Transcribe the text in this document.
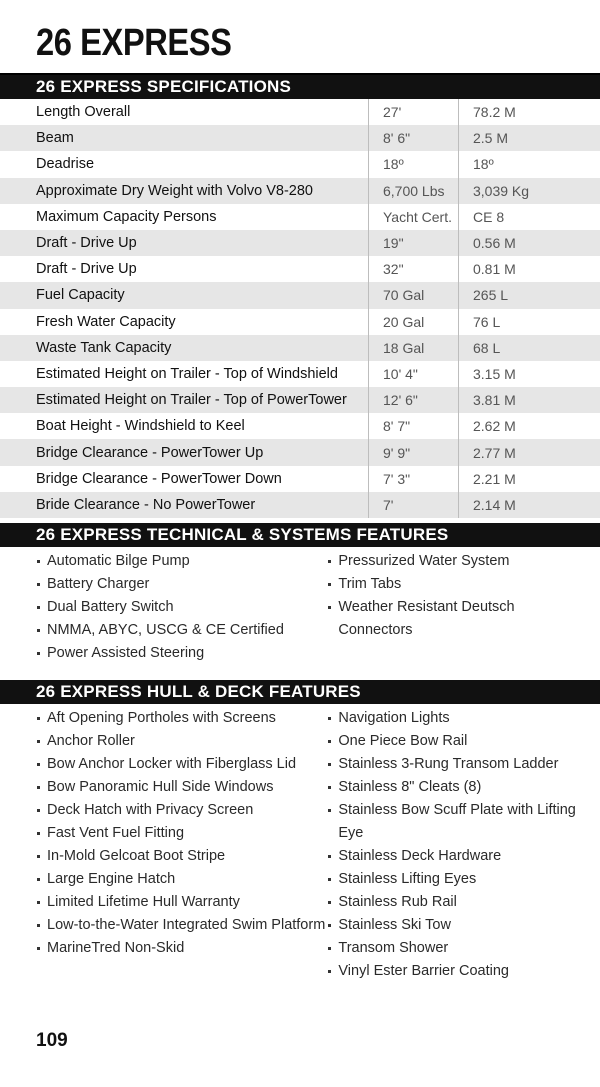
26 EXPRESS
26 EXPRESS SPECIFICATIONS
Length Overall	27'	78.2 M
Beam	8' 6"	2.5 M
Deadrise	18º	18º
Approximate Dry Weight with Volvo V8-280	6,700 Lbs	3,039 Kg
Maximum Capacity Persons	Yacht Cert.	CE 8
Draft - Drive Up	19"	0.56 M
Draft - Drive Up	32"	0.81 M
Fuel Capacity	70 Gal	265 L
Fresh Water Capacity	20 Gal	76 L
Waste Tank Capacity	18 Gal	68 L
Estimated Height on Trailer - Top of Windshield	10' 4"	3.15 M
Estimated Height on Trailer - Top of PowerTower	12' 6"	3.81 M
Boat Height - Windshield to Keel	8' 7"	2.62 M
Bridge Clearance - PowerTower Up	9' 9"	2.77 M
Bridge Clearance - PowerTower Down	7' 3"	2.21 M
Bride Clearance - No PowerTower	7'	2.14 M
26 EXPRESS TECHNICAL & SYSTEMS FEATURES
Automatic Bilge Pump
Battery Charger
Dual Battery Switch
NMMA, ABYC, USCG & CE Certified
Power Assisted Steering
Pressurized Water System
Trim Tabs
Weather Resistant Deutsch Connectors
26 EXPRESS HULL & DECK FEATURES
Aft Opening Portholes with Screens
Anchor Roller
Bow Anchor Locker with Fiberglass Lid
Bow Panoramic Hull Side Windows
Deck Hatch with Privacy Screen
Fast Vent Fuel Fitting
In-Mold Gelcoat Boot Stripe
Large Engine Hatch
Limited Lifetime Hull Warranty
Low-to-the-Water Integrated Swim Platform
MarineTred Non-Skid
Navigation Lights
One Piece Bow Rail
Stainless 3-Rung Transom Ladder
Stainless 8" Cleats (8)
Stainless Bow Scuff Plate with Lifting Eye
Stainless Deck Hardware
Stainless Lifting Eyes
Stainless Rub Rail
Stainless Ski Tow
Transom Shower
Vinyl Ester Barrier Coating
109
